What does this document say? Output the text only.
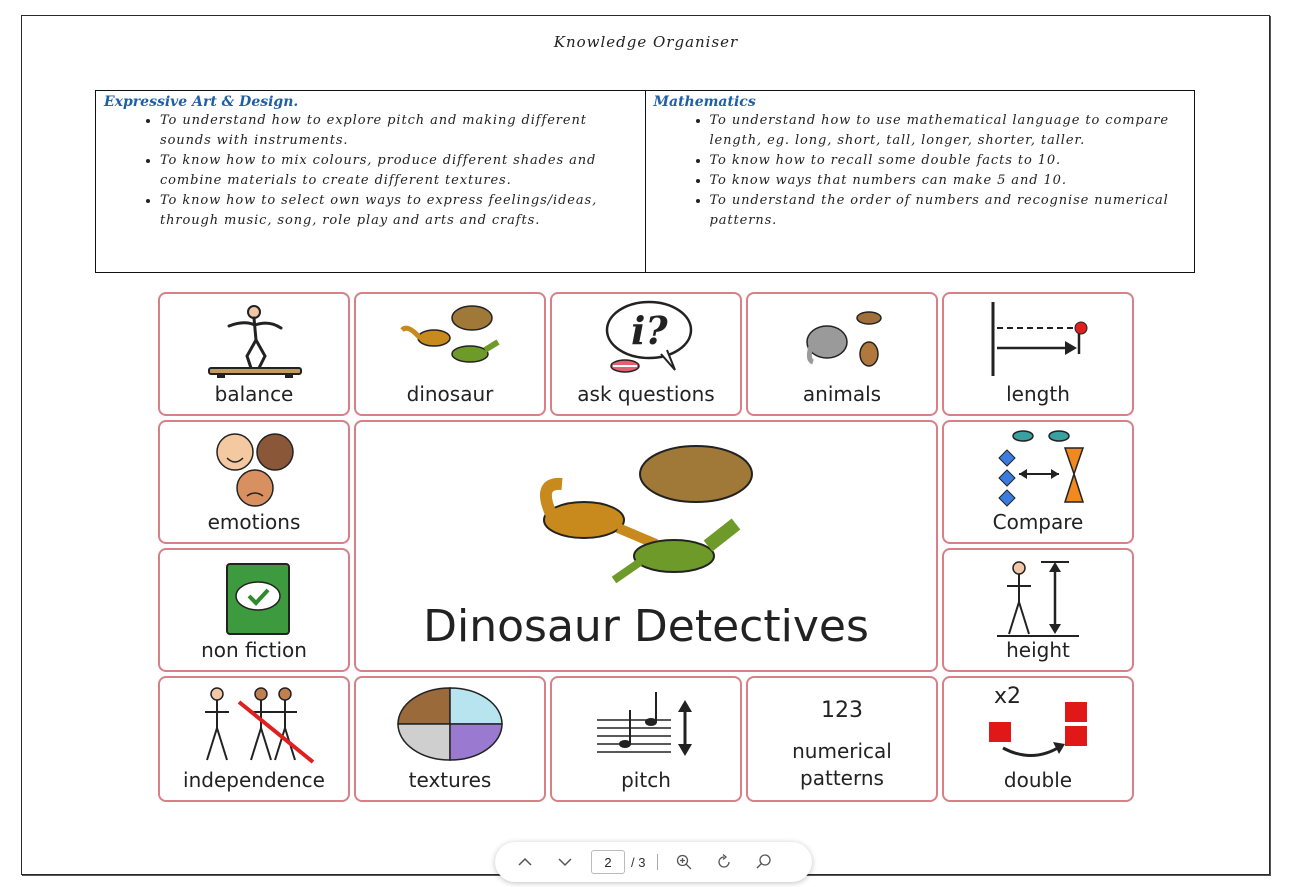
Knowledge Organiser
Expressive Art & Design.
• To understand how to explore pitch and making different sounds with instruments.
• To know how to mix colours, produce different shades and combine materials to create different textures.
• To know how to select own ways to express feelings/ideas, through music, song, role play and arts and crafts.
Mathematics
• To understand how to use mathematical language to compare length, eg. long, short, tall, longer, shorter, taller.
• To know how to recall some double facts to 10.
• To know ways that numbers can make 5 and 10.
• To understand the order of numbers and recognise numerical patterns.
balance	dinosaur
i?
ask questions	animals	length
emotions
Dinosaur Detectives
Compare
non fiction	height
independence	textures	pitch
123
numerical
patterns
x2
double
2
/ 3
